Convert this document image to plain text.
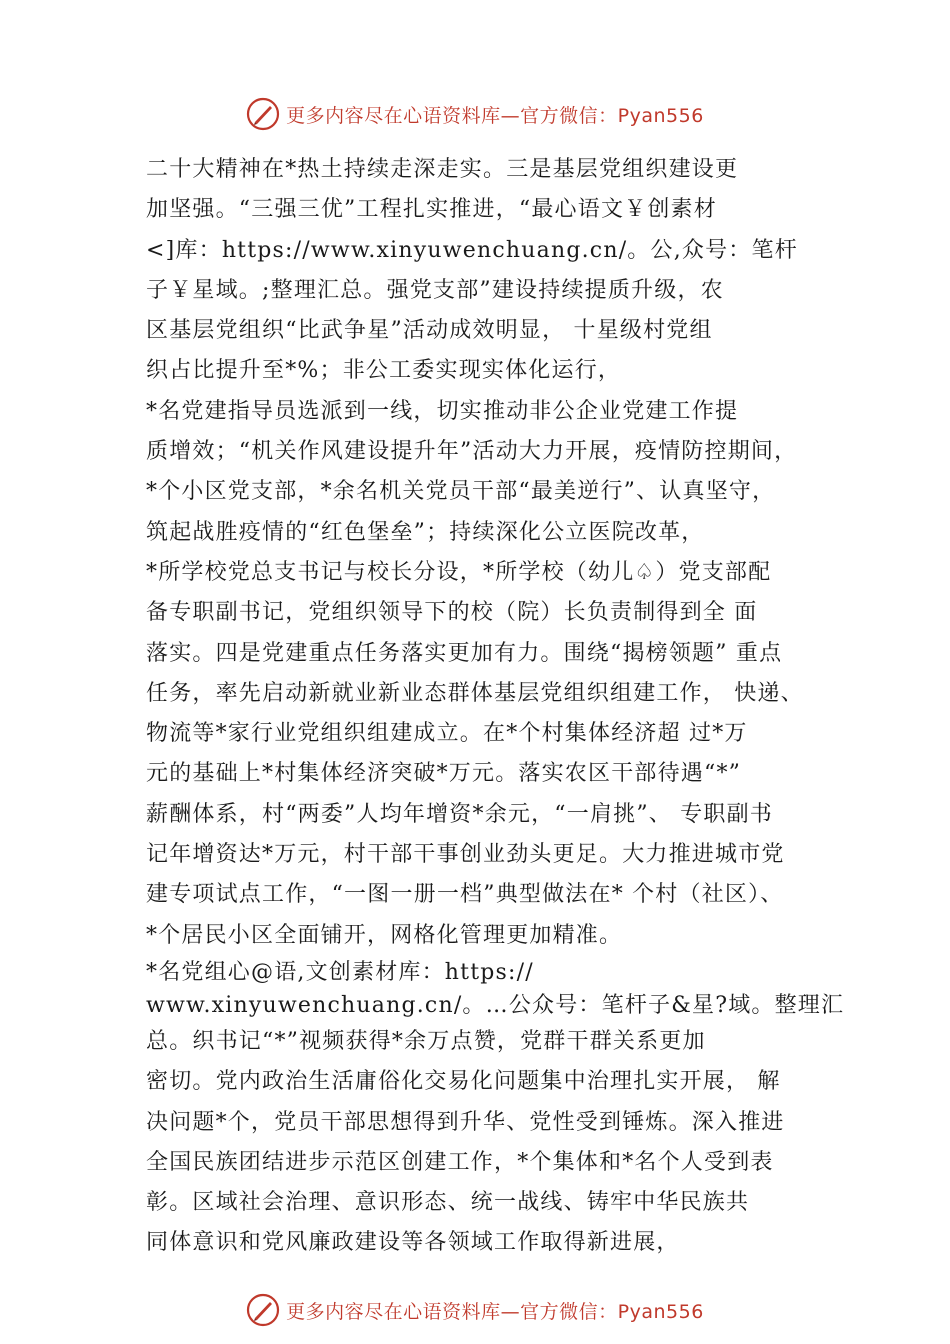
更多内容尽在心语资料库—官方微信：Pyan556
二十大精神在*热土持续走深走实。三是基层党组织建设更
加坚强。“三强三优”工程扎实推进，“最心语文￥创素材
<]库：https://www.xinyuwenchuang.cn/。公,众号：笔杆
子￥星域。;整理汇总。强党支部”建设持续提质升级，农
区基层党组织“比武争星”活动成效明显， 十星级村党组
织占比提升至*%；非公工委实现实体化运行，
*名党建指导员选派到一线，切实推动非公企业党建工作提
质增效；“机关作风建设提升年”活动大力开展，疫情防控期间，
*个小区党支部，*余名机关党员干部“最美逆行”、认真坚守，
筑起战胜疫情的“红色堡垒”；持续深化公立医院改革，
*所学校党总支书记与校长分设，*所学校（幼儿♤）党支部配
备专职副书记，党组织领导下的校（院）长负责制得到全 面
落实。四是党建重点任务落实更加有力。围绕“揭榜领题” 重点
任务，率先启动新就业新业态群体基层党组织组建工作， 快递、
物流等*家行业党组织组建成立。在*个村集体经济超 过*万
元的基础上*村集体经济突破*万元。落实农区干部待遇“*”
薪酬体系，村“两委”人均年增资*余元，“一肩挑”、 专职副书
记年增资达*万元，村干部干事创业劲头更足。大力推进城市党
建专项试点工作，“一图一册一档”典型做法在* 个村（社区）、
*个居民小区全面铺开，网格化管理更加精准。
*名党组心@语,文创素材库：https://
www.xinyuwenchuang.cn/。…公众号：笔杆子&星?域。整理汇
总。织书记“*”视频获得*余万点赞，党群干群关系更加
密切。党内政治生活庸俗化交易化问题集中治理扎实开展， 解
决问题*个，党员干部思想得到升华、党性受到锤炼。深入推进
全国民族团结进步示范区创建工作，*个集体和*名个人受到表
彰。区域社会治理、意识形态、统一战线、铸牢中华民族共
同体意识和党风廉政建设等各领域工作取得新进展，
更多内容尽在心语资料库—官方微信：Pyan556
